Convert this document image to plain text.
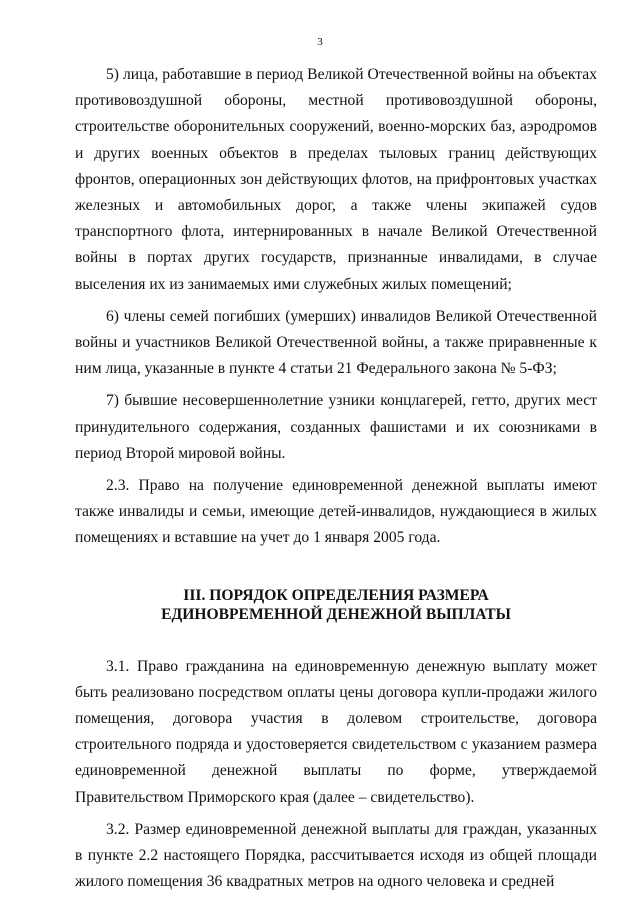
3

5) лица, работавшие в период Великой Отечественной войны на объектах противовоздушной обороны, местной противовоздушной обороны, строительстве оборонительных сооружений, военно-морских баз, аэродромов и других военных объектов в пределах тыловых границ действующих фронтов, операционных зон действующих флотов, на прифронтовых участках железных и автомобильных дорог, а также члены экипажей судов транспортного флота, интернированных в начале Великой Отечественной войны в портах других государств, признанные инвалидами, в случае выселения их из занимаемых ими служебных жилых помещений;

6) члены семей погибших (умерших) инвалидов Великой Отечественной войны и участников Великой Отечественной войны, а также приравненные к ним лица, указанные в пункте 4 статьи 21 Федерального закона № 5-ФЗ;

7) бывшие несовершеннолетние узники концлагерей, гетто, других мест принудительного содержания, созданных фашистами и их союзниками в период Второй мировой войны.

2.3. Право на получение единовременной денежной выплаты имеют также инвалиды и семьи, имеющие детей-инвалидов, нуждающиеся в жилых помещениях и вставшие на учет до 1 января 2005 года.

III. ПОРЯДОК ОПРЕДЕЛЕНИЯ РАЗМЕРА
ЕДИНОВРЕМЕННОЙ ДЕНЕЖНОЙ ВЫПЛАТЫ

3.1. Право гражданина на единовременную денежную выплату может быть реализовано посредством оплаты цены договора купли-продажи жилого помещения, договора участия в долевом строительстве, договора строительного подряда и удостоверяется свидетельством с указанием размера единовременной денежной выплаты по форме, утверждаемой Правительством Приморского края (далее – свидетельство).

3.2. Размер единовременной денежной выплаты для граждан, указанных в пункте 2.2 настоящего Порядка, рассчитывается исходя из общей площади жилого помещения 36 квадратных метров на одного человека и средней
